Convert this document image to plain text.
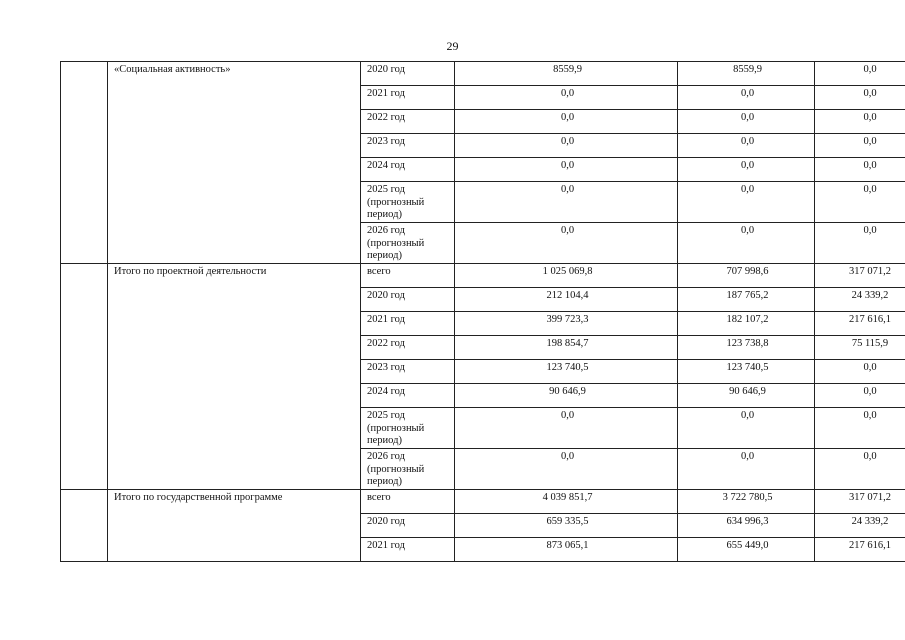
29
	«Социальная активность»	2020 год	8559,9	8559,9	0,0

		2021 год	0,0	0,0	0,0

		2022 год	0,0	0,0	0,0

		2023 год	0,0	0,0	0,0

		2024 год	0,0	0,0	0,0

		2025 год
(прогнозный
период)	0,0	0,0	0,0

		2026 год
(прогнозный
период)	0,0	0,0	0,0
	Итого по проектной деятельности	всего	1 025 069,8	707 998,6	317 071,2

		2020 год	212 104,4	187 765,2	24 339,2

		2021 год	399 723,3	182 107,2	217 616,1

		2022 год	198 854,7	123 738,8	75 115,9

		2023 год	123 740,5	123 740,5	0,0

		2024 год	90 646,9	90 646,9	0,0

		2025 год
(прогнозный
период)	0,0	0,0	0,0

		2026 год
(прогнозный
период)	0,0	0,0	0,0
	Итого по государственной программе	всего	4 039 851,7	3 722 780,5	317 071,2

		2020 год	659 335,5	634 996,3	24 339,2

		2021 год	873 065,1	655 449,0	217 616,1
